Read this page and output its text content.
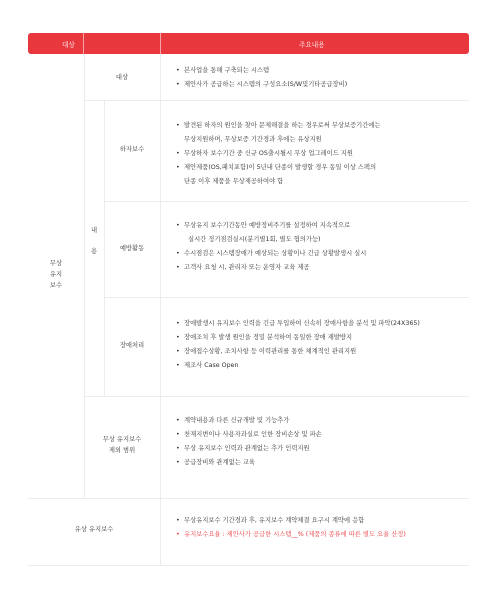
대상	주요내용
대상
• 본사업을 통해 구축되는 시스템
• 제안사가 공급하는 시스템의 구성요소(S/W및기타공급장비)
무상
유지
보수
내
용
하자보수
• 발견된 하자의 원인을 찾아 문제해결을 하는 경우로써 무상보증기간에는
무상지원하며, 무상보증 기간경과 후에는 유상지원
• 무상하자 보수기간 중 신규 OS출시될시 무상 업그레이드 지원
• 제안제품(OS,패치포함)이 5년내 단종이 발생할 경우 동일 이상 스펙의
단종 이후 제품을 무상제공하여야 함
예방활동
• 무상유지 보수기간동안 예방정비주기를 설정하여 지속적으로
실시간 정기점검실시(분기별1회, 별도 협의가능)
• 수시점검은 시스템장애가 예상되는 상황이나 긴급 상황발생시 실시
• 고객사 요청 시, 관리자 또는 운영자 교육 제공
장애처리
• 장애발생시 유지보수 인력을 긴급 투입하여 신속히 장애사항을 분석 및 파악(24X365)
• 장애조치 후 발생 원인을 정밀 분석하여 동일한 장애 재발방지
• 장애접수상황, 조치사항 등 이력관리를 통한 체계적인 관리지원
• 제조사 Case Open
무상 유지보수
제외 범위
• 계약내용과 다른 신규개발 및 기능추가
• 천재지변이나 사용자과실로 인한 장비손상 및 파손
• 무상 유지보수 인력과 관계없는 추가 인력지원
• 공급장비와 관계없는 교육
유상 유지보수
• 무상유지보수 기간경과 후, 유지보수 계약체결 요구시 계약에 응함
• 유지보수요율 : 제안사가 공급한 시스템__% (제품의 종류에 따른 별도 요율 산정)
